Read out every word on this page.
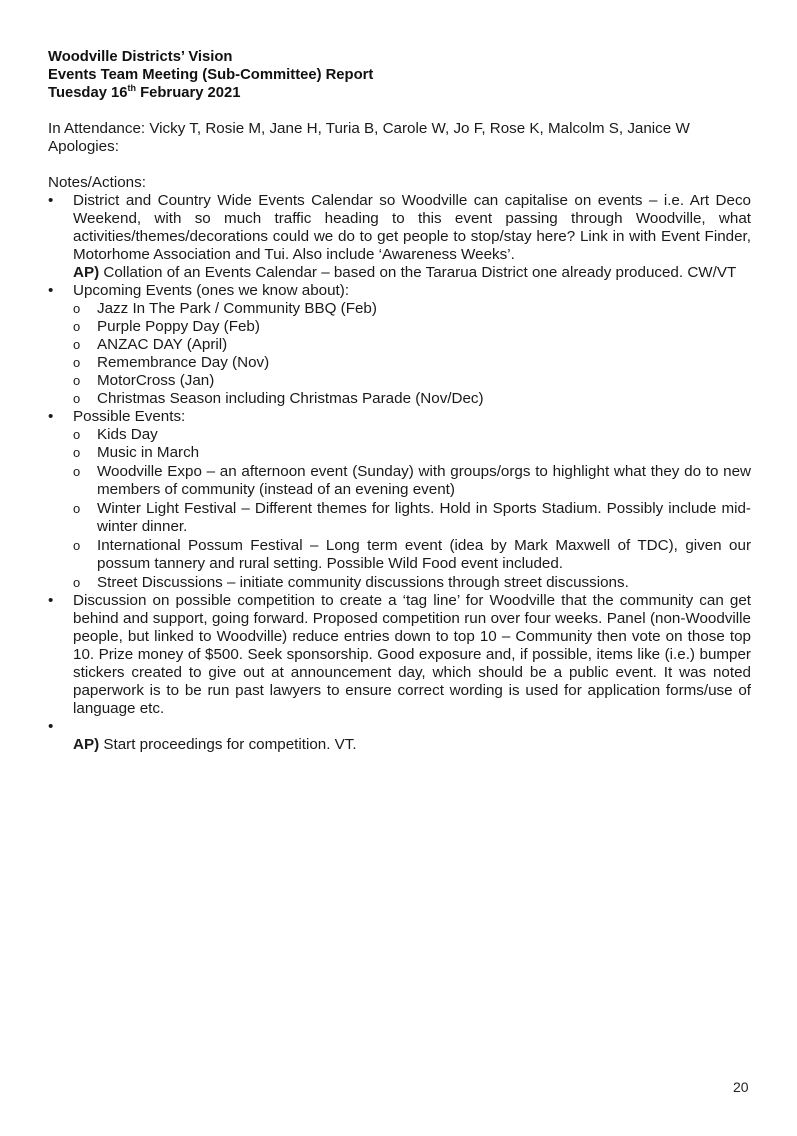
Woodville Districts’ Vision
Events Team Meeting (Sub-Committee) Report
Tuesday 16th February 2021

In Attendance: Vicky T, Rosie M, Jane H, Turia B, Carole W, Jo F, Rose K, Malcolm S, Janice W

Apologies:

Notes/Actions:

•	District and Country Wide Events Calendar so Woodville can capitalise on events – i.e. Art Deco Weekend, with so much traffic heading to this event passing through Woodville, what activities/themes/decorations could we do to get people to stop/stay here? Link in with Event Finder, Motorhome Association and Tui. Also include ‘Awareness Weeks’.
AP) Collation of an Events Calendar – based on the Tararua District one already produced. CW/VT
•	Upcoming Events (ones we know about):
o Jazz In The Park / Community BBQ (Feb)
o Purple Poppy Day (Feb)
o ANZAC DAY (April)
o Remembrance Day (Nov)
o MotorCross (Jan)
o Christmas Season including Christmas Parade (Nov/Dec)
•	Possible Events:
o Kids Day
o Music in March
o Woodville Expo – an afternoon event (Sunday) with groups/orgs to highlight what they do to new members of community (instead of an evening event)
o Winter Light Festival – Different themes for lights. Hold in Sports Stadium. Possibly include mid-winter dinner.
o International Possum Festival – Long term event (idea by Mark Maxwell of TDC), given our possum tannery and rural setting. Possible Wild Food event included.
o Street Discussions – initiate community discussions through street discussions.
•	Discussion on possible competition to create a ‘tag line’ for Woodville that the community can get behind and support, going forward. Proposed competition run over four weeks. Panel (non-Woodville people, but linked to Woodville) reduce entries down to top 10 – Community then vote on those top 10. Prize money of $500. Seek sponsorship. Good exposure and, if possible, items like (i.e.) bumper stickers created to give out at announcement day, which should be a public event. It was noted paperwork is to be run past lawyers to ensure correct wording is used for application forms/use of language etc.
•
AP) Start proceedings for competition. VT.
20
